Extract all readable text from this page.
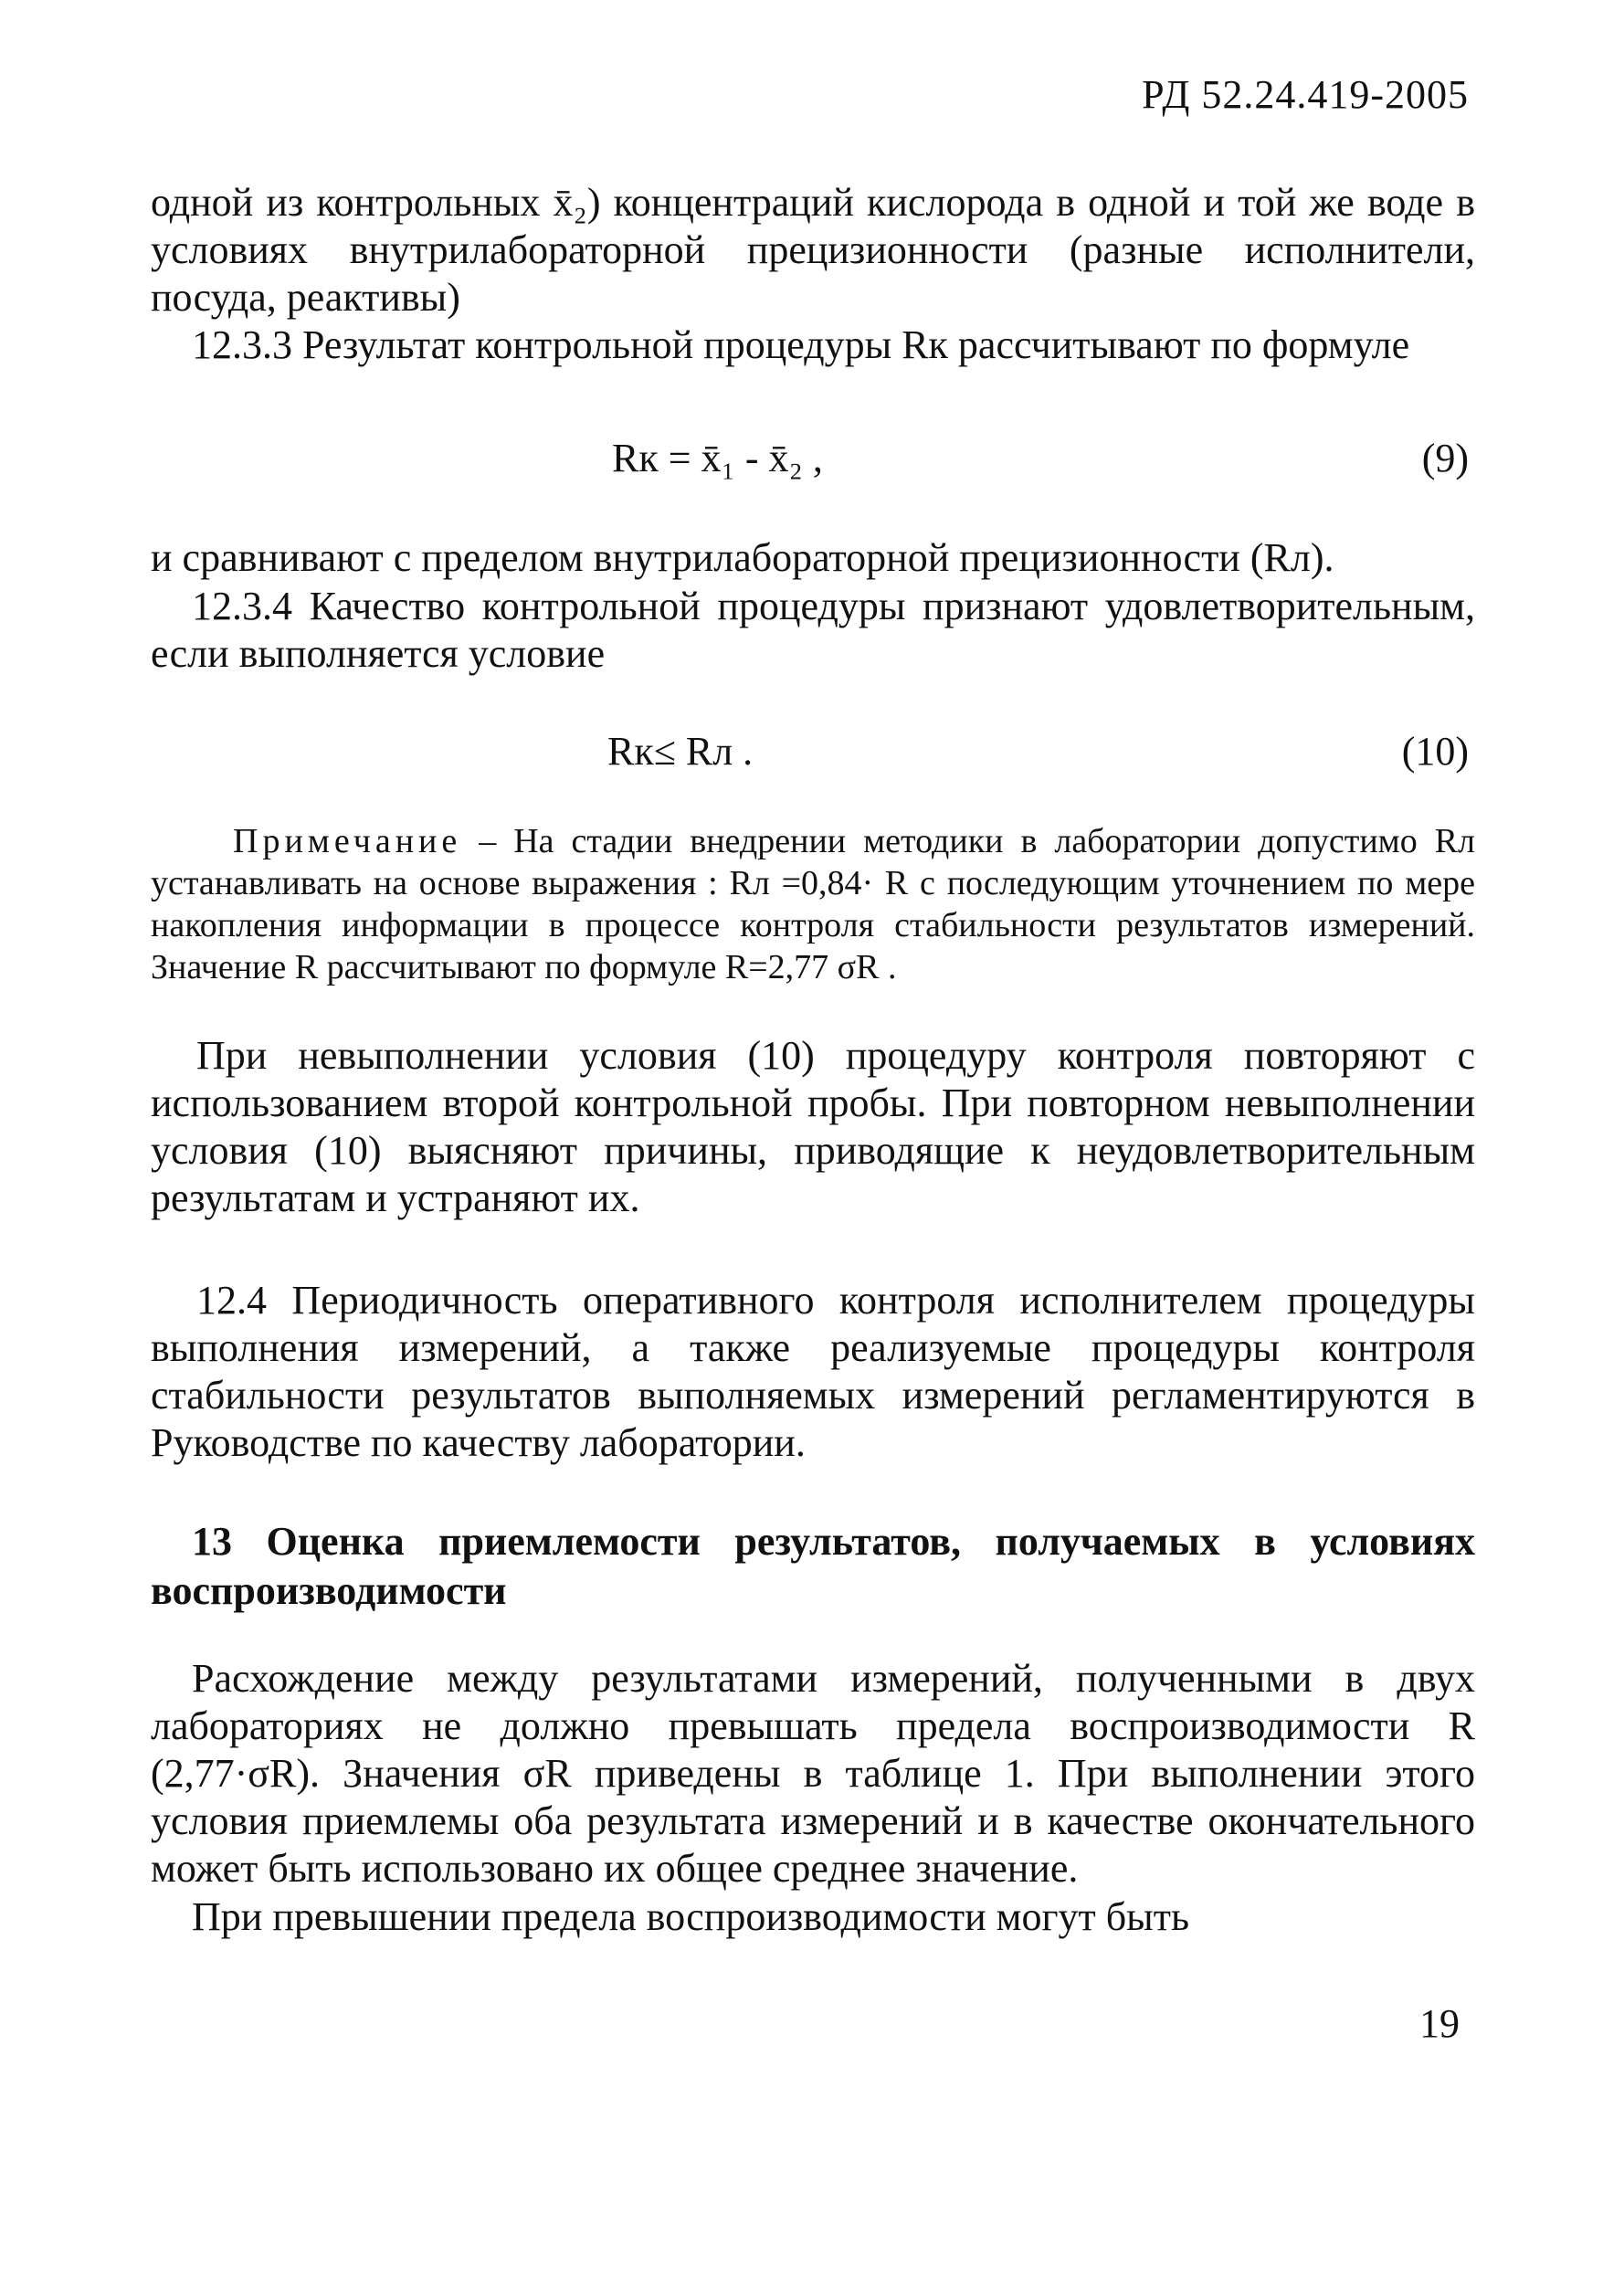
РД 52.24.419-2005

одной из контрольных x̄₂) концентраций кислорода в одной и той же воде в условиях внутрилабораторной прецизионности (разные исполнители, посуда, реактивы)

12.3.3 Результат контрольной процедуры Rк рассчитывают по формуле

Rк = x̄₁ - x̄₂ ,	(9)

и сравнивают с пределом внутрилабораторной прецизионности (Rл).

12.3.4 Качество контрольной процедуры признают удовлетворительным, если выполняется условие

Rк≤ Rл .	(10)

Примечание – На стадии внедрении методики в лаборатории допустимо Rл устанавливать на основе выражения : Rл =0,84· R с последующим уточнением по мере накопления информации в процессе контроля стабильности результатов измерений. Значение R рассчитывают по формуле R=2,77 σR .

При невыполнении условия (10) процедуру контроля повторяют с использованием второй контрольной пробы. При повторном невыполнении условия (10) выясняют причины, приводящие к неудовлетворительным результатам и устраняют их.

12.4 Периодичность оперативного контроля исполнителем процедуры выполнения измерений, а также реализуемые процедуры контроля стабильности результатов выполняемых измерений регламентируются в Руководстве по качеству лаборатории.

13 Оценка приемлемости результатов, получаемых в условиях воспроизводимости

Расхождение между результатами измерений, полученными в двух лабораториях не должно превышать предела воспроизводимости R (2,77·σR). Значения σR приведены в таблице 1. При выполнении этого условия приемлемы оба результата измерений и в качестве окончательного может быть использовано их общее среднее значение.

При превышении предела воспроизводимости могут быть

19
